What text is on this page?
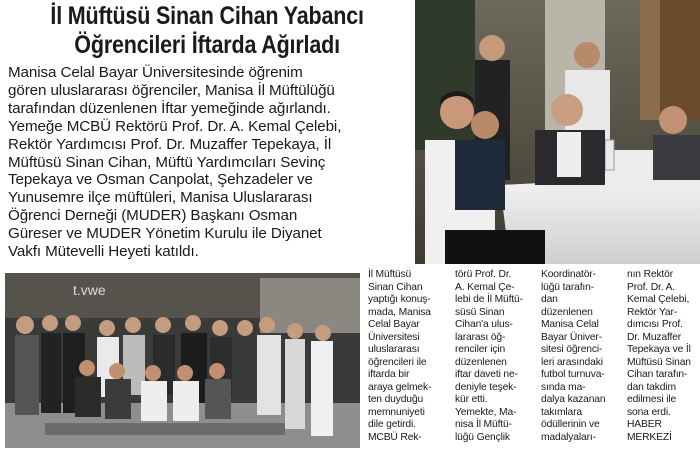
İl Müftüsü Sinan Cihan Yabancı
Öğrencileri İftarda Ağırladı
Manisa Celal Bayar Üniversitesinde öğrenim
gören uluslararası öğrenciler, Manisa İl Müftülüğü
tarafından düzenlenen İftar yemeğinde ağırlandı.
Yemeğe MCBÜ Rektörü Prof. Dr. A. Kemal Çelebi,
Rektör Yardımcısı Prof. Dr. Muzaffer Tepekaya, İl
Müftüsü Sinan Cihan, Müftü Yardımcıları Sevinç
Tepekaya ve Osman Canpolat, Şehzadeler ve
Yunusemre ilçe müftüleri, Manisa Uluslararası
Öğrenci Derneği (MUDER) Başkanı Osman
Güreser ve MUDER Yönetim Kurulu ile Diyanet
Vakfı Mütevelli Heyeti katıldı.
t.vwe
İl Müftüsü
Sinan Cihan
yaptığı konuş-
mada, Manisa
Celal Bayar
Üniversitesi
uluslararası
öğrencileri ile
iftarda bir
araya gelmek-
ten duyduğu
memnuniyeti
dile getirdi.
MCBÜ Rek-
törü Prof. Dr.
A. Kemal Çe-
lebi de İl Müftü-
süsü Sinan
Cihan'a ulus-
lararası öğ-
renciler için
düzenlenen
iftar daveti ne-
deniyle teşek-
kür etti.
Yemekte, Ma-
nisa İl Müftü-
lüğü Gençlik
Koordinatör-
lüğü tarafın-
dan
düzenlenen
Manisa Celal
Bayar Üniver-
sitesi öğrenci-
leri arasındaki
futbol turnuva-
sında ma-
dalya kazanan
takımlara
ödüllerinin ve
madalyaları-
nın Rektör
Prof. Dr. A.
Kemal Çelebi,
Rektör Yar-
dımcısı Prof.
Dr. Muzaffer
Tepekaya ve İl
Müftüsü Sinan
Cihan tarafın-
dan takdim
edilmesi ile
sona erdi.
HABER
MERKEZİ
